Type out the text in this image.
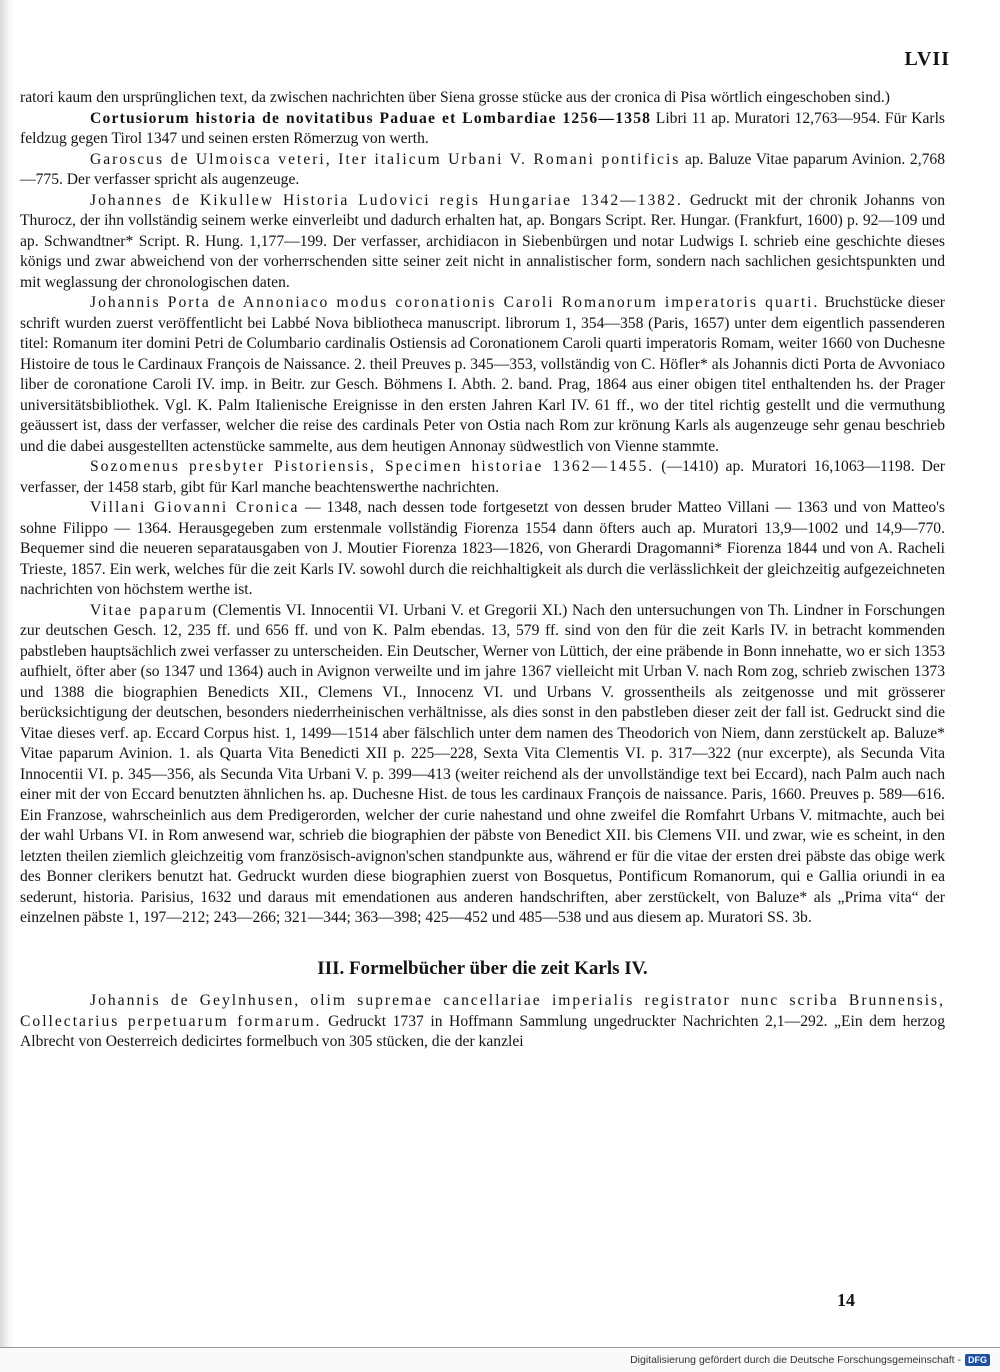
LVII

ratori kaum den ursprünglichen text, da zwischen nachrichten über Siena grosse stücke aus der cronica di Pisa wörtlich eingeschoben sind.)

Cortusiorum historia de novitatibus Paduae et Lombardiae 1256—1358 Libri 11 ap. Muratori 12,763—954. Für Karls feldzug gegen Tirol 1347 und seinen ersten Römerzug von werth.

Garoscus de Ulmoisca veteri, Iter italicum Urbani V. Romani pontificis ap. Baluze Vitae paparum Avinion. 2,768—775. Der verfasser spricht als augenzeuge.

Johannes de Kikullew Historia Ludovici regis Hungariae 1342—1382. Gedruckt mit der chronik Johanns von Thurocz, der ihn vollständig seinem werke einverleibt und dadurch erhalten hat, ap. Bongars Script. Rer. Hungar. (Frankfurt, 1600) p. 92—109 und ap. Schwandtner* Script. R. Hung. 1,177—199. Der verfasser, archidiacon in Siebenbürgen und notar Ludwigs I. schrieb eine geschichte dieses königs und zwar abweichend von der vorherrschenden sitte seiner zeit nicht in annalistischer form, sondern nach sachlichen gesichtspunkten und mit weglassung der chronologischen daten.

Johannis Porta de Annoniaco modus coronationis Caroli Romanorum imperatoris quarti. Bruchstücke dieser schrift wurden zuerst veröffentlicht bei Labbé Nova bibliotheca manuscript. librorum 1, 354—358 (Paris, 1657) unter dem eigentlich passenderen titel: Romanum iter domini Petri de Columbario cardinalis Ostiensis ad Coronationem Caroli quarti imperatoris Romam, weiter 1660 von Duchesne Histoire de tous le Cardinaux François de Naissance. 2. theil Preuves p. 345—353, vollständig von C. Höfler* als Johannis dicti Porta de Avvoniaco liber de coronatione Caroli IV. imp. in Beitr. zur Gesch. Böhmens I. Abth. 2. band. Prag, 1864 aus einer obigen titel enthaltenden hs. der Prager universitätsbibliothek. Vgl. K. Palm Italienische Ereignisse in den ersten Jahren Karl IV. 61 ff., wo der titel richtig gestellt und die vermuthung geäussert ist, dass der verfasser, welcher die reise des cardinals Peter von Ostia nach Rom zur krönung Karls als augenzeuge sehr genau beschrieb und die dabei ausgestellten actenstücke sammelte, aus dem heutigen Annonay südwestlich von Vienne stammte.

Sozomenus presbyter Pistoriensis, Specimen historiae 1362—1455. (—1410) ap. Muratori 16,1063—1198. Der verfasser, der 1458 starb, gibt für Karl manche beachtenswerthe nachrichten.

Villani Giovanni Cronica — 1348, nach dessen tode fortgesetzt von dessen bruder Matteo Villani — 1363 und von Matteo's sohne Filippo — 1364. Herausgegeben zum erstenmale vollständig Fiorenza 1554 dann öfters auch ap. Muratori 13,9—1002 und 14,9—770. Bequemer sind die neueren separatausgaben von J. Moutier Fiorenza 1823—1826, von Gherardi Dragomanni* Fiorenza 1844 und von A. Racheli Trieste, 1857. Ein werk, welches für die zeit Karls IV. sowohl durch die reichhaltigkeit als durch die verlässlichkeit der gleichzeitig aufgezeichneten nachrichten von höchstem werthe ist.

Vitae paparum (Clementis VI. Innocentii VI. Urbani V. et Gregorii XI.) Nach den untersuchungen von Th. Lindner in Forschungen zur deutschen Gesch. 12, 235 ff. und 656 ff. und von K. Palm ebendas. 13, 579 ff. sind von den für die zeit Karls IV. in betracht kommenden pabstleben hauptsächlich zwei verfasser zu unterscheiden. Ein Deutscher, Werner von Lüttich, der eine präbende in Bonn innehatte, wo er sich 1353 aufhielt, öfter aber (so 1347 und 1364) auch in Avignon verweilte und im jahre 1367 vielleicht mit Urban V. nach Rom zog, schrieb zwischen 1373 und 1388 die biographien Benedicts XII., Clemens VI., Innocenz VI. und Urbans V. grossentheils als zeitgenosse und mit grösserer berücksichtigung der deutschen, besonders niederrheinischen verhältnisse, als dies sonst in den pabstleben dieser zeit der fall ist. Gedruckt sind die Vitae dieses verf. ap. Eccard Corpus hist. 1, 1499—1514 aber fälschlich unter dem namen des Theodorich von Niem, dann zerstückelt ap. Baluze* Vitae paparum Avinion. 1. als Quarta Vita Benedicti XII p. 225—228, Sexta Vita Clementis VI. p. 317—322 (nur excerpte), als Secunda Vita Innocentii VI. p. 345—356, als Secunda Vita Urbani V. p. 399—413 (weiter reichend als der unvollständige text bei Eccard), nach Palm auch nach einer mit der von Eccard benutzten ähnlichen hs. ap. Duchesne Hist. de tous les cardinaux François de naissance. Paris, 1660. Preuves p. 589—616. Ein Franzose, wahrscheinlich aus dem Predigerorden, welcher der curie nahestand und ohne zweifel die Romfahrt Urbans V. mitmachte, auch bei der wahl Urbans VI. in Rom anwesend war, schrieb die biographien der päbste von Benedict XII. bis Clemens VII. und zwar, wie es scheint, in den letzten theilen ziemlich gleichzeitig vom französisch-avignon'schen standpunkte aus, während er für die vitae der ersten drei päbste das obige werk des Bonner clerikers benutzt hat. Gedruckt wurden diese biographien zuerst von Bosquetus, Pontificum Romanorum, qui e Gallia oriundi in ea sederunt, historia. Parisius, 1632 und daraus mit emendationen aus anderen handschriften, aber zerstückelt, von Baluze* als „Prima vita“ der einzelnen päbste 1, 197—212; 243—266; 321—344; 363—398; 425—452 und 485—538 und aus diesem ap. Muratori SS. 3b.

III. Formelbücher über die zeit Karls IV.

Johannis de Geylnhusen, olim supremae cancellariae imperialis registrator nunc scriba Brunnensis, Collectarius perpetuarum formarum. Gedruckt 1737 in Hoffmann Sammlung ungedruckter Nachrichten 2,1—292. „Ein dem herzog Albrecht von Oesterreich dedicirtes formelbuch von 305 stücken, die der kanzlei

14
Digitalisierung gefördert durch die Deutsche Forschungsgemeinschaft - DFG
